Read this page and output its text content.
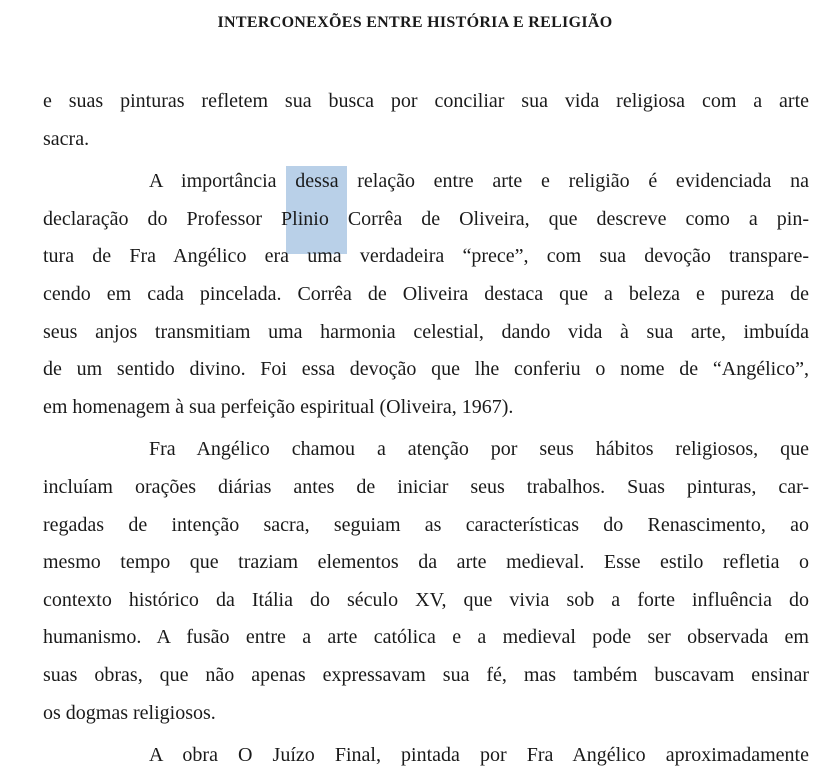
INTERCONEXÕES ENTRE HISTÓRIA E RELIGIÃO
e suas pinturas refletem sua busca por conciliar sua vida religiosa com a arte
sacra.
A importância dessa relação entre arte e religião é evidenciada na
declaração do Professor Plinio Corrêa de Oliveira, que descreve como a pin-
tura de Fra Angélico era uma verdadeira “prece”, com sua devoção transpare-
cendo em cada pincelada. Corrêa de Oliveira destaca que a beleza e pureza de
seus anjos transmitiam uma harmonia celestial, dando vida à sua arte, imbuída
de um sentido divino. Foi essa devoção que lhe conferiu o nome de “Angélico”,
em homenagem à sua perfeição espiritual (Oliveira, 1967).
Fra Angélico chamou a atenção por seus hábitos religiosos, que
incluíam orações diárias antes de iniciar seus trabalhos. Suas pinturas, car-
regadas de intenção sacra, seguiam as características do Renascimento, ao
mesmo tempo que traziam elementos da arte medieval. Esse estilo refletia o
contexto histórico da Itália do século XV, que vivia sob a forte influência do
humanismo. A fusão entre a arte católica e a medieval pode ser observada em
suas obras, que não apenas expressavam sua fé, mas também buscavam ensinar
os dogmas religiosos.
A obra O Juízo Final, pintada por Fra Angélico aproximadamente
